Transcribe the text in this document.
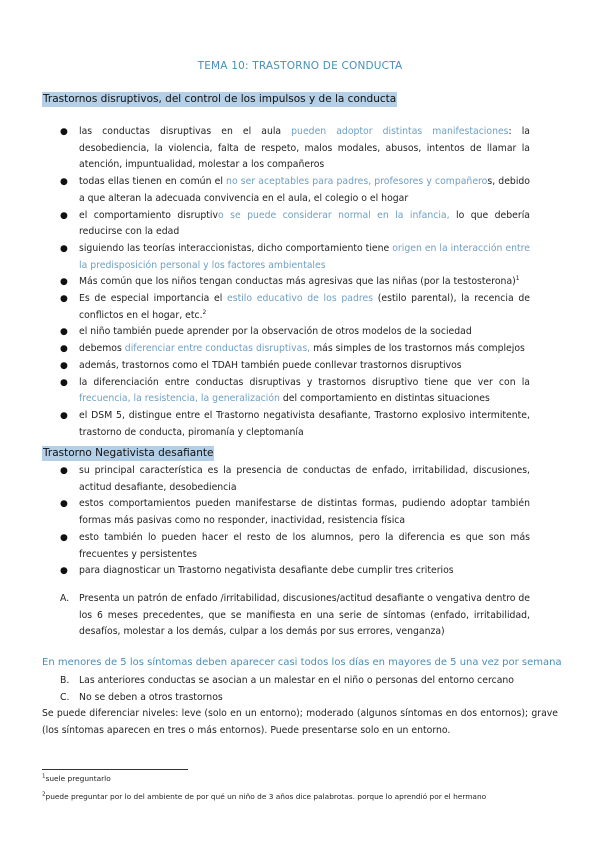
TEMA 10: TRASTORNO DE CONDUCTA
Trastornos disruptivos, del control de los impulsos y de la conducta
● las conductas disruptivas en el aula pueden adoptor distintas manifestaciones: la desobediencia, la violencia, falta de respeto, malos modales, abusos, intentos de llamar la atención, impuntualidad, molestar a los compañeros
● todas ellas tienen en común el no ser aceptables para padres, profesores y compañeros, debido a que alteran la adecuada convivencia en el aula, el colegio o el hogar
● el comportamiento disruptivo se puede considerar normal en la infancia, lo que debería reducirse con la edad
● siguiendo las teorías interaccionistas, dicho comportamiento tiene origen en la interacción entre la predisposición personal y los factores ambientales
● Más común que los niños tengan conductas más agresivas que las niñas (por la testosterona)$^1$
● Es de especial importancia el estilo educativo de los padres (estilo parental), la recencia de conflictos en el hogar, etc.$^2$
● el niño también puede aprender por la observación de otros modelos de la sociedad
● debemos diferenciar entre conductas disruptivas, más simples de los trastornos más complejos
● además, trastornos como el TDAH también puede conllevar trastornos disruptivos
● la diferenciación entre conductas disruptivas y trastornos disruptivo tiene que ver con la frecuencia, la resistencia, la generalización del comportamiento en distintas situaciones
● el DSM 5, distingue entre el Trastorno negativista desafiante, Trastorno explosivo intermitente, trastorno de conducta, piromanía y cleptomanía
Trastorno Negativista desafiante
● su principal característica es la presencia de conductas de enfado, irritabilidad, discusiones, actitud desafiante, desobediencia
● estos comportamientos pueden manifestarse de distintas formas, pudiendo adoptar también formas más pasivas como no responder, inactividad, resistencia física
● esto también lo pueden hacer el resto de los alumnos, pero la diferencia es que son más frecuentes y persistentes
● para diagnosticar un Trastorno negativista desafiante debe cumplir tres criterios
A. Presenta un patrón de enfado /irritabilidad, discusiones/actitud desafiante o vengativa dentro de los 6 meses precedentes, que se manifiesta en una serie de síntomas (enfado, irritabilidad, desafíos, molestar a los demás, culpar a los demás por sus errores, venganza)
En menores de 5 los síntomas deben aparecer casi todos los días en mayores de 5 una vez por semana
B. Las anteriores conductas se asocian a un malestar en el niño o personas del entorno cercano
C. No se deben a otros trastornos
Se puede diferenciar niveles: leve (solo en un entorno); moderado (algunos síntomas en dos entornos); grave (los síntomas aparecen en tres o más entornos). Puede presentarse solo en un entorno.
$^1$suele preguntarlo
$^2$puede preguntar por lo del ambiente de por qué un niño de 3 años dice palabrotas. porque lo aprendió por el hermano
